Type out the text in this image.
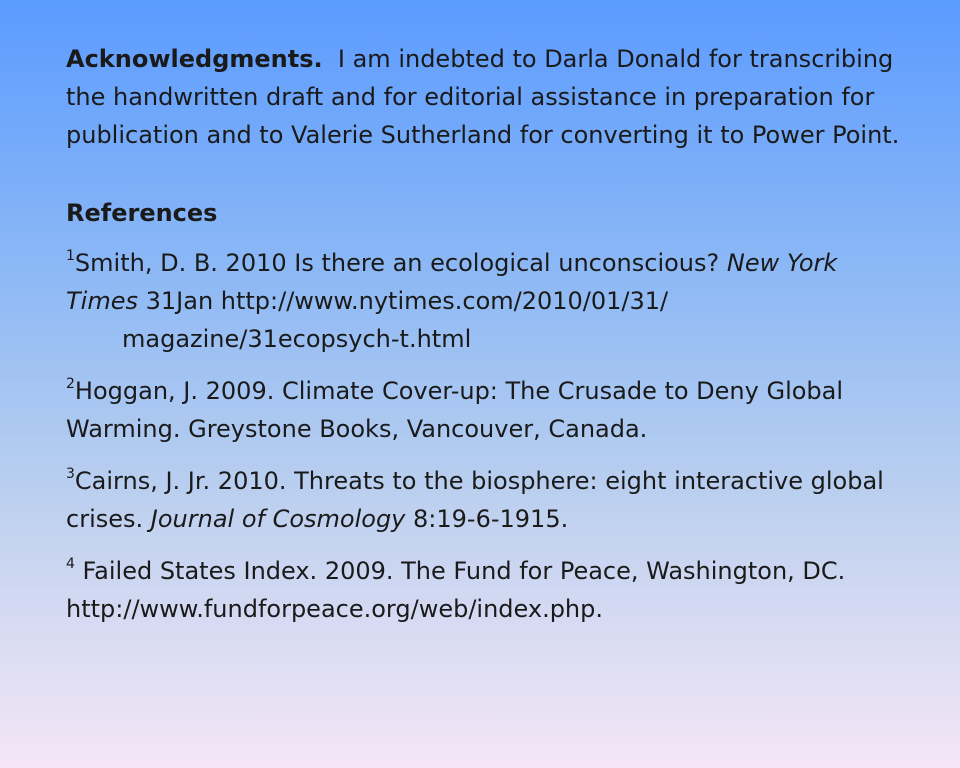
Acknowledgments. I am indebted to Darla Donald for transcribing the handwritten draft and for editorial assistance in preparation for publication and to Valerie Sutherland for converting it to Power Point.

References

$^1$Smith, D. B. 2010 Is there an ecological unconscious? New York Times 31Jan http://www.nytimes.com/2010/01/31/
magazine/31ecopsych-t.html

$^2$Hoggan, J. 2009. Climate Cover-up: The Crusade to Deny Global Warming. Greystone Books, Vancouver, Canada.

$^3$Cairns, J. Jr. 2010. Threats to the biosphere: eight interactive global crises. Journal of Cosmology 8:19-6-1915.

$^4$ Failed States Index. 2009. The Fund for Peace, Washington, DC. http://www.fundforpeace.org/web/index.php.
